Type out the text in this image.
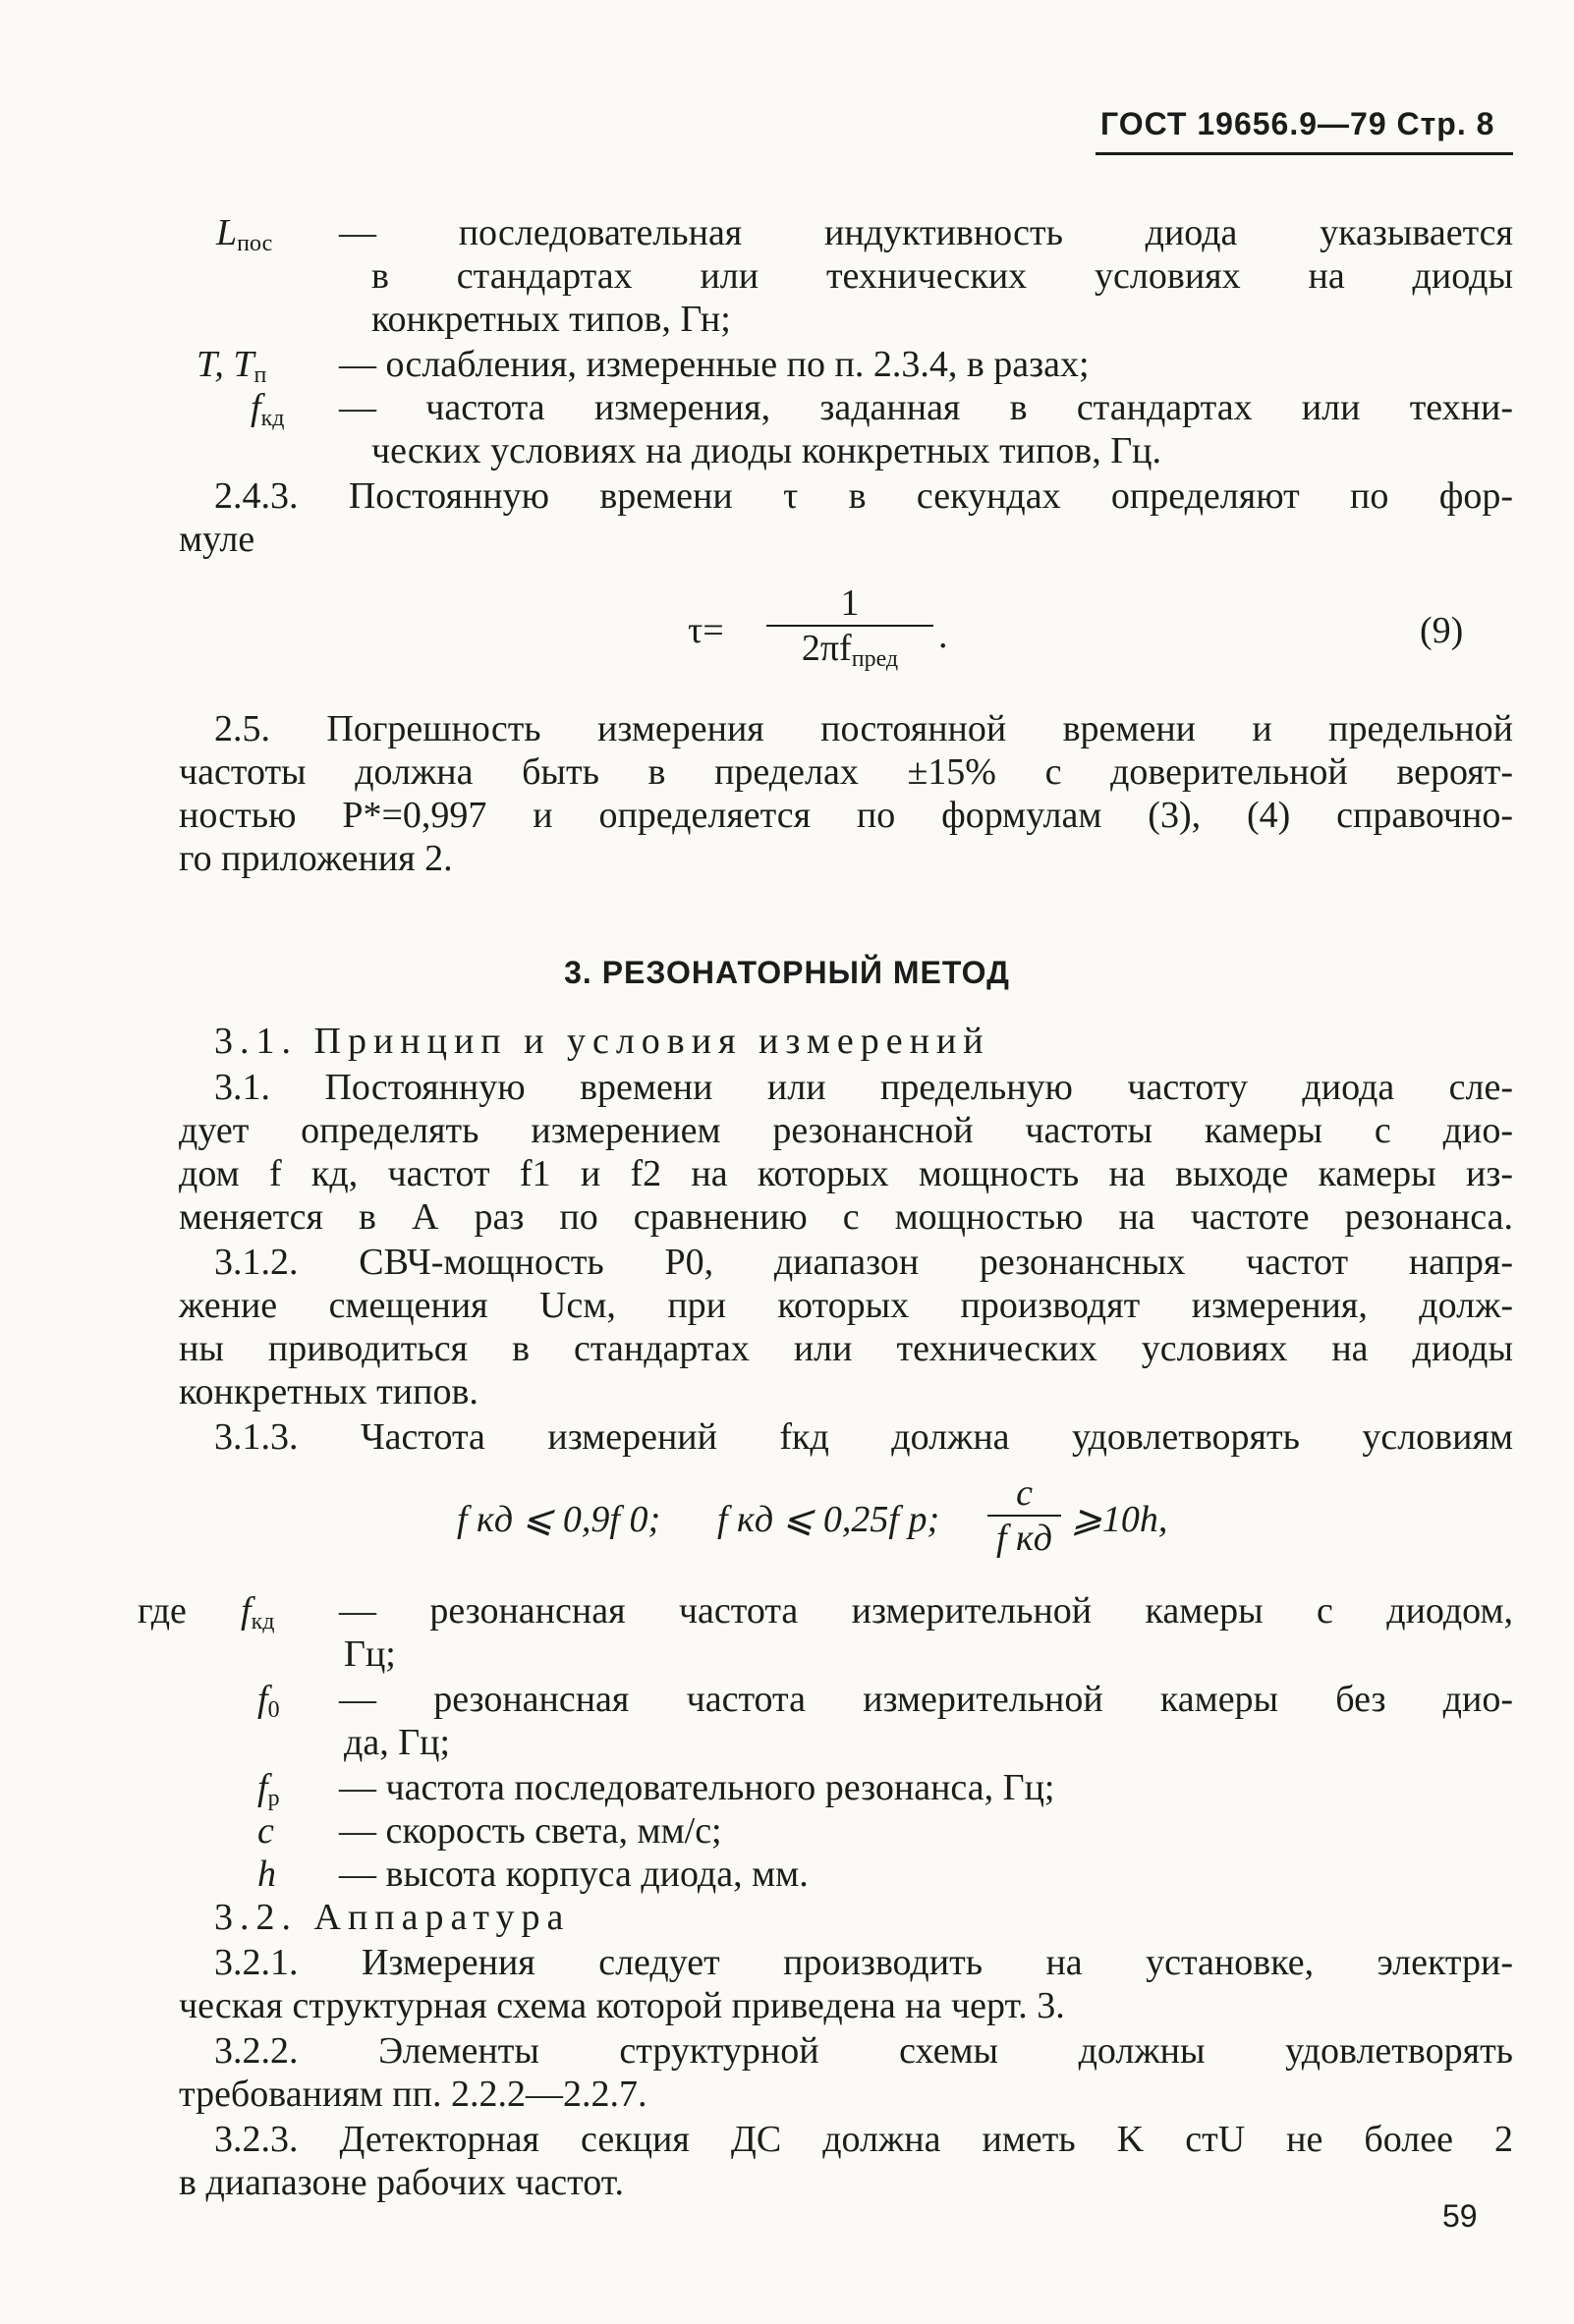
ГОСТ 19656.9—79 Стр. 8
$L_{пос}$ — последовательная индуктивность диода указывается
в стандартах или технических условиях на диоды
конкретных типов, Гн;
T, $T_п$ — ослабления, измеренные по п. 2.3.4, в разах;
$f_{кд}$ — частота измерения, заданная в стандартах или техни-
ческих условиях на диоды конкретных типов, Гц.
2.4.3. Постоянную времени τ в секундах определяют по фор-
муле
τ=
1
$2\pi f_{пред}$
.	(9)
2.5. Погрешность измерения постоянной времени и предельной
частоты должна быть в пределах ±15% с доверительной вероят-
ностью P*=0,997 и определяется по формулам (3), (4) справочно-
го приложения 2.
3. РЕЗОНАТОРНЫЙ МЕТОД
3.1. Принцип и условия измерений
3.1. Постоянную времени или предельную частоту диода сле-
дует определять измерением резонансной частоты камеры с дио-
дом f кд, частот f1 и f2 на которых мощность на выходе камеры из-
меняется в А раз по сравнению с мощностью на частоте резонанса.
3.1.2. СВЧ-мощность P0, диапазон резонансных частот напря-
жение смещения Uсм, при которых производят измерения, долж-
ны приводиться в стандартах или технических условиях на диоды
конкретных типов.
3.1.3. Частота измерений fкд должна удовлетворять условиям
f кд ⩽ 0,9f 0; f кд ⩽ 0,25f р;
c
f кд ⩾10h,
где $f_{кд}$ — резонансная частота измерительной камеры с диодом,
Гц;
$f_0$ — резонансная частота измерительной камеры без дио-
да, Гц;
$f_р$ — частота последовательного резонанса, Гц;
c — скорость света, мм/с;
h — высота корпуса диода, мм.
3.2. Аппаратура
3.2.1. Измерения следует производить на установке, электри-
ческая структурная схема которой приведена на черт. 3.
3.2.2. Элементы структурной схемы должны удовлетворять
требованиям пп. 2.2.2—2.2.7.
3.2.3. Детекторная секция ДС должна иметь K стU не более 2
в диапазоне рабочих частот.
59
